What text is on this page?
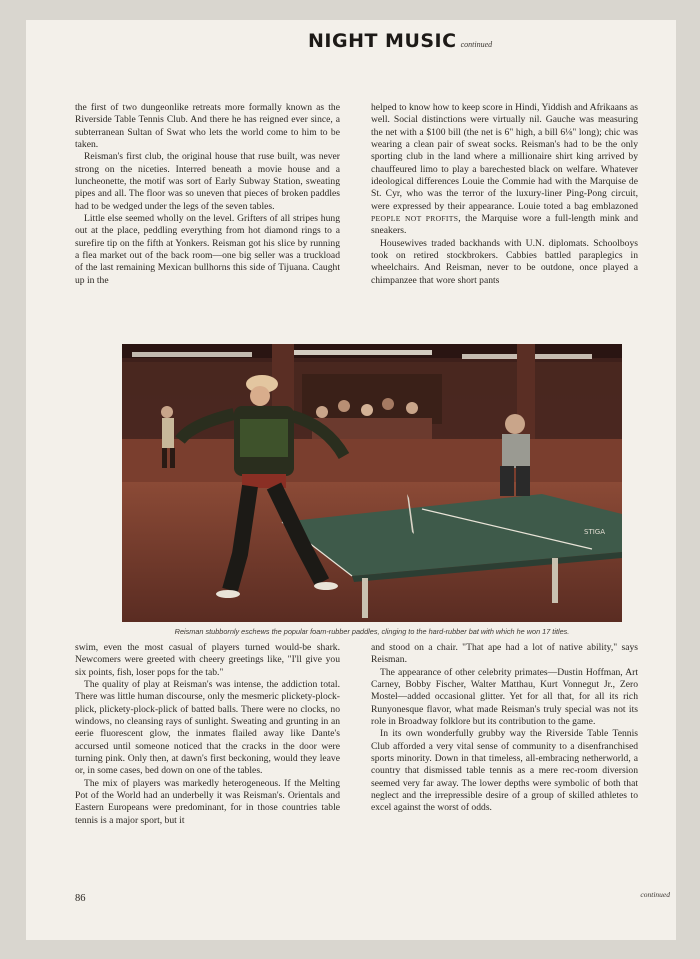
NIGHT MUSIC continued

the first of two dungeonlike retreats more formally known as the Riverside Table Tennis Club. And there he has reigned ever since, a subterranean Sultan of Swat who lets the world come to him to be taken.

Reisman's first club, the original house that ruse built, was never strong on the niceties. Interred beneath a movie house and a luncheonette, the motif was sort of Early Subway Station, sweating pipes and all. The floor was so uneven that pieces of broken paddles had to be wedged under the legs of the seven tables.

Little else seemed wholly on the level. Grifters of all stripes hung out at the place, peddling everything from hot diamond rings to a surefire tip on the fifth at Yonkers. Reisman got his slice by running a flea market out of the back room—one big seller was a truckload of the last remaining Mexican bullhorns this side of Tijuana. Caught up in the

helped to know how to keep score in Hindi, Yiddish and Afrikaans as well. Social distinctions were virtually nil. Gauche was measuring the net with a $100 bill (the net is 6" high, a bill 6⅛" long); chic was wearing a clean pair of sweat socks. Reisman's had to be the only sporting club in the land where a millionaire shirt king arrived by chauffeured limo to play a barechested black on welfare. Whatever ideological differences Louie the Commie had with the Marquise de St. Cyr, who was the terror of the luxury-liner Ping-Pong circuit, were expressed by their appearance. Louie toted a bag emblazoned PEOPLE NOT PROFITS, the Marquise wore a full-length mink and sneakers.

Housewives traded backhands with U.N. diplomats. Schoolboys took on retired stockbrokers. Cabbies battled paraplegics in wheelchairs. And Reisman, never to be outdone, once played a chimpanzee that wore short pants

STIGA
Reisman stubbornly eschews the popular foam-rubber paddles, clinging to the hard-rubber bat with which he won 17 titles.

swim, even the most casual of players turned would-be shark. Newcomers were greeted with cheery greetings like, "I'll give you six points, fish, loser pops for the tab."

The quality of play at Reisman's was intense, the addiction total. There was little human discourse, only the mesmeric plickety-plock-plick, plickety-plock-plick of batted balls. There were no clocks, no windows, no cleansing rays of sunlight. Sweating and grunting in an eerie fluorescent glow, the inmates flailed away like Dante's accursed until someone noticed that the cracks in the door were turning pink. Only then, at dawn's first beckoning, would they leave or, in some cases, bed down on one of the tables.

The mix of players was markedly heterogeneous. If the Melting Pot of the World had an underbelly it was Reisman's. Orientals and Eastern Europeans were predominant, for in those countries table tennis is a major sport, but it

and stood on a chair. "That ape had a lot of native ability," says Reisman.

The appearance of other celebrity primates—Dustin Hoffman, Art Carney, Bobby Fischer, Walter Matthau, Kurt Vonnegut Jr., Zero Mostel—added occasional glitter. Yet for all that, for all its rich Runyonesque flavor, what made Reisman's truly special was not its role in Broadway folklore but its contribution to the game.

In its own wonderfully grubby way the Riverside Table Tennis Club afforded a very vital sense of community to a disenfranchised sports minority. Down in that timeless, all-embracing netherworld, a country that dismissed table tennis as a mere rec-room diversion seemed very far away. The lower depths were symbolic of both that neglect and the irrepressible desire of a group of skilled athletes to excel against the worst of odds.

continued
86
